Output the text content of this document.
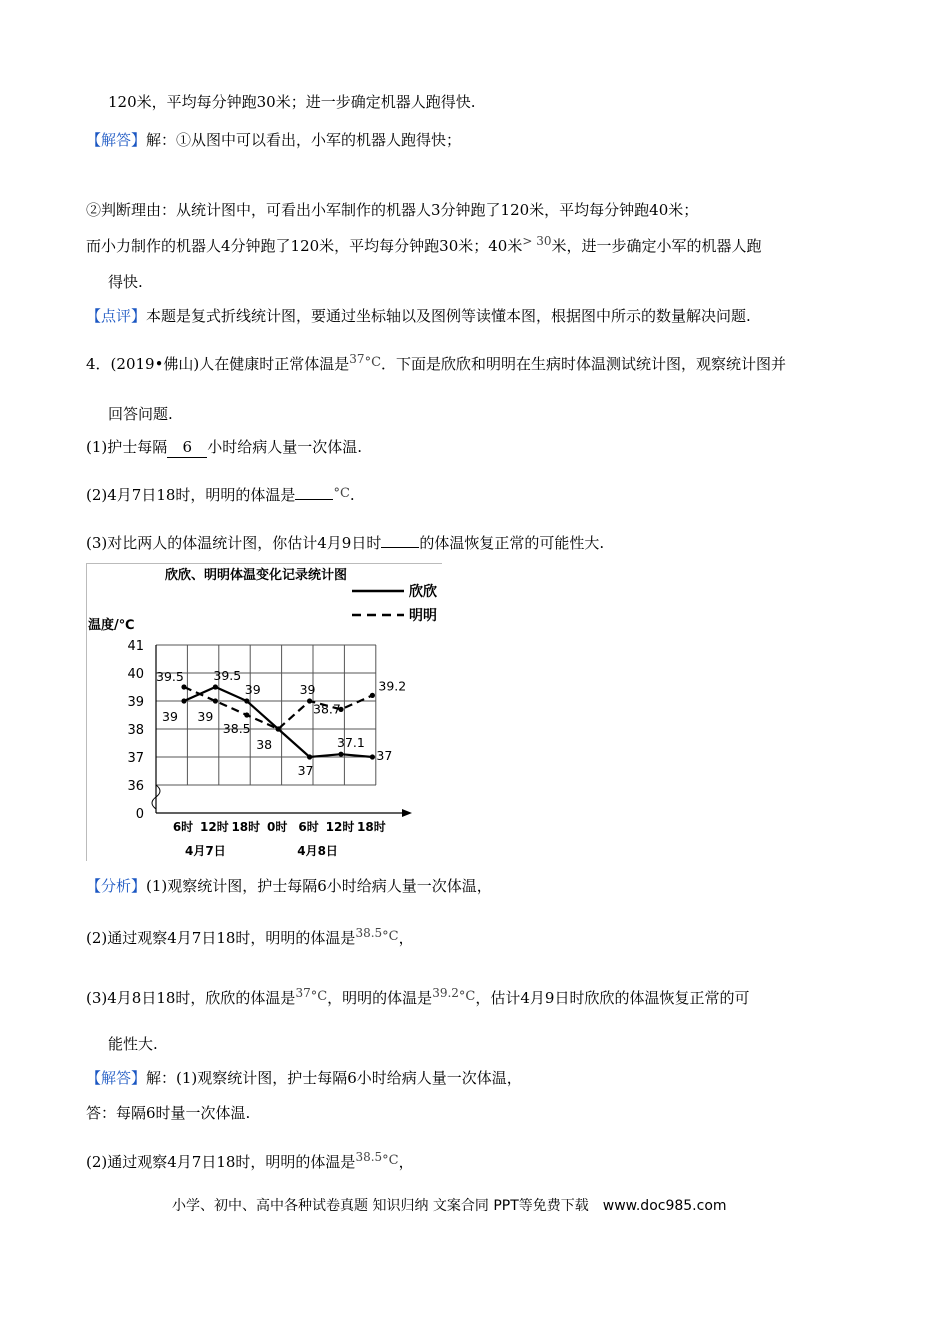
120米，平均每分钟跑30米；进一步确定机器人跑得快.
【解答】解：①从图中可以看出，小军的机器人跑得快；
②判断理由：从统计图中，可看出小军制作的机器人3分钟跑了120米，平均每分钟跑40米；
而小力制作的机器人4分钟跑了120米，平均每分钟跑30米；40米$^{> 30}$米，进一步确定小军的机器人跑
得快.
【点评】本题是复式折线统计图，要通过坐标轴以及图例等读懂本图，根据图中所示的数量解决问题.
4．(2019•佛山)人在健康时正常体温是$^{37}$°C．下面是欣欣和明明在生病时体温测试统计图，观察统计图并
回答问题.
(1)护士每隔 6 小时给病人量一次体温.
(2)4月7日18时，明明的体温是	°C.
(3)对比两人的体温统计图，你估计4月9日时	的体温恢复正常的可能性大.
欣欣、明明体温变化记录统计图
欣欣
明明
温度/℃
41
40
39
38
37
36
0
6时 12时 18时 0时 6时 12时 18时
4月7日	4月8日
39
39.5
39
37
37.1
37
39.5
39
38.5
38
39
38.7
39.2
【分析】(1)观察统计图，护士每隔6小时给病人量一次体温，
(2)通过观察4月7日18时，明明的体温是$^{38.5}$°C，
(3)4月8日18时，欣欣的体温是$^{37}$°C，明明的体温是$^{39.2}$°C，估计4月9日时欣欣的体温恢复正常的可
能性大.
【解答】解：(1)观察统计图，护士每隔6小时给病人量一次体温，
答：每隔6时量一次体温.
(2)通过观察4月7日18时，明明的体温是$^{38.5}$°C，
小学、初中、高中各种试卷真题 知识归纳 文案合同 PPT等免费下载　www.doc985.com
